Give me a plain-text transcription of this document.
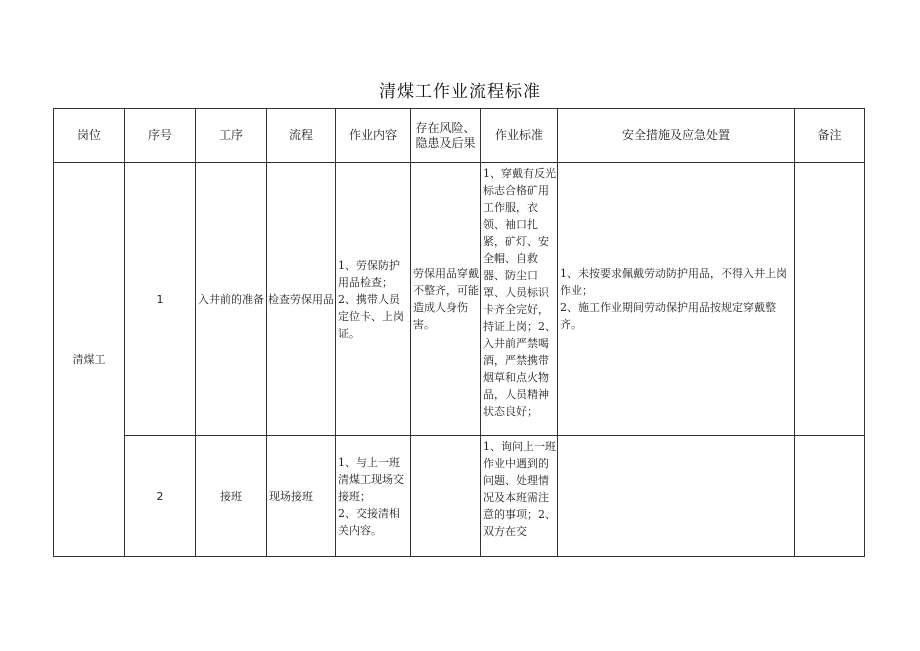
清煤工作业流程标准
岗位	序号	工序	流程	作业内容	存在风险、隐患及后果	作业标准	安全措施及应急处置	备注
清煤工	1	入井前的准备	检查劳保用品	1、劳保防护用品检查；2、携带人员定位卡、上岗证。	劳保用品穿戴不整齐，可能造成人身伤害。	1、穿戴有反光标志合格矿用工作服，衣领、袖口扎紧，矿灯、安全帽、自救器、防尘口罩、人员标识卡齐全完好，持证上岗；2、入井前严禁喝酒，严禁携带烟草和点火物品，人员精神状态良好；	1、未按要求佩戴劳动防护用品，不得入井上岗作业；
2、施工作业期间劳动保护用品按规定穿戴整齐。	
	2	接班	现场接班	1、与上一班清煤工现场交接班；
2、交接清相关内容。		1、询问上一班作业中遇到的问题、处理情况及本班需注意的事项；2、双方在交		
